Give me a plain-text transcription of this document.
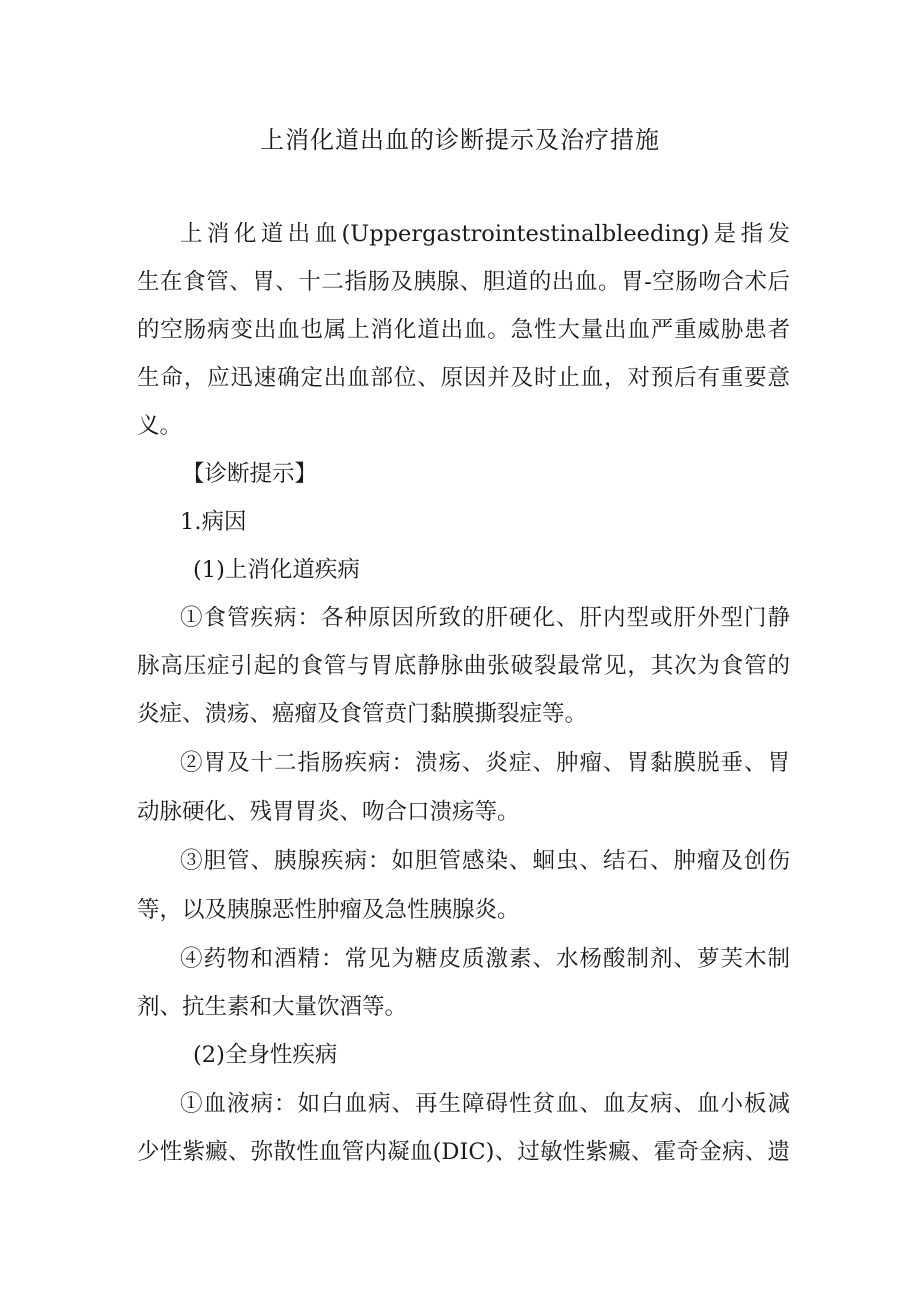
上消化道出血的诊断提示及治疗措施

上消化道出血(Uppergastrointestinalbleeding)是指发

生在食管、胃、十二指肠及胰腺、胆道的出血。胃-空肠吻合术后

的空肠病变出血也属上消化道出血。急性大量出血严重威胁患者

生命，应迅速确定出血部位、原因并及时止血，对预后有重要意

义。

【诊断提示】

1.病因

(1)上消化道疾病

①食管疾病：各种原因所致的肝硬化、肝内型或肝外型门静

脉高压症引起的食管与胃底静脉曲张破裂最常见，其次为食管的

炎症、溃疡、癌瘤及食管贲门黏膜撕裂症等。

②胃及十二指肠疾病：溃疡、炎症、肿瘤、胃黏膜脱垂、胃

动脉硬化、残胃胃炎、吻合口溃疡等。

③胆管、胰腺疾病：如胆管感染、蛔虫、结石、肿瘤及创伤

等，以及胰腺恶性肿瘤及急性胰腺炎。

④药物和酒精：常见为糖皮质激素、水杨酸制剂、萝芙木制

剂、抗生素和大量饮酒等。

(2)全身性疾病

①血液病：如白血病、再生障碍性贫血、血友病、血小板减

少性紫癜、弥散性血管内凝血(DIC)、过敏性紫癜、霍奇金病、遗
